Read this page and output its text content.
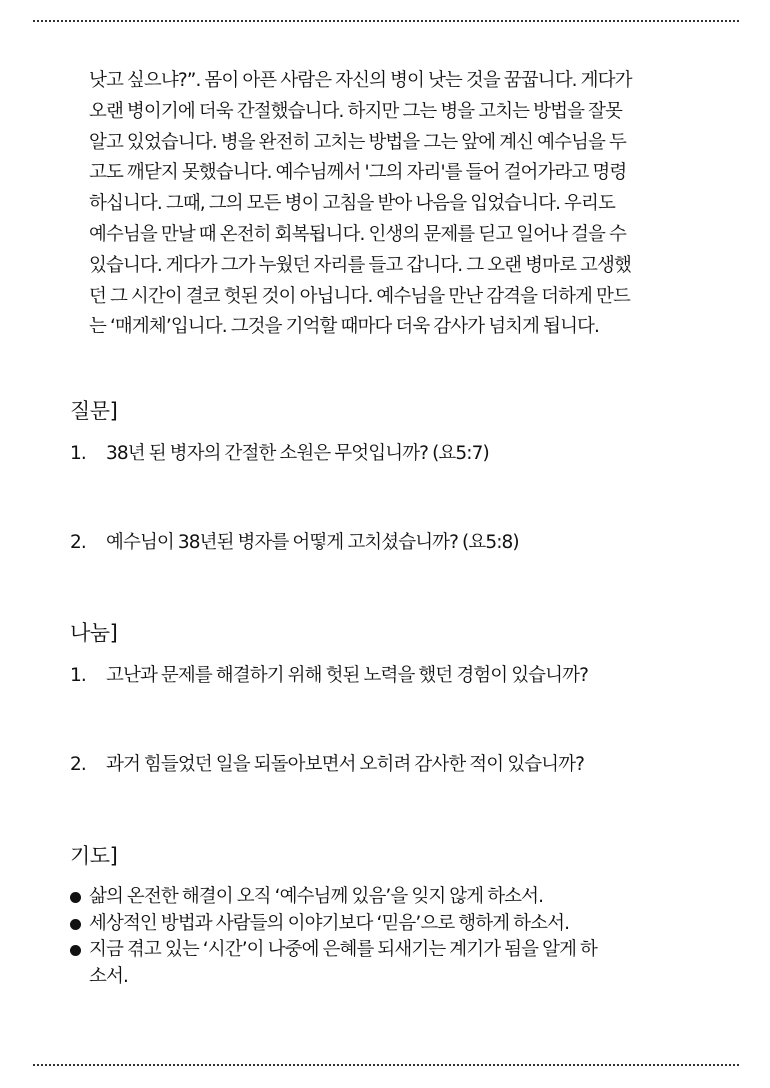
낫고 싶으냐?”. 몸이 아픈 사람은 자신의 병이 낫는 것을 꿈꿉니다. 게다가
오랜 병이기에 더욱 간절했습니다. 하지만 그는 병을 고치는 방법을 잘못
알고 있었습니다. 병을 완전히 고치는 방법을 그는 앞에 계신 예수님을 두
고도 깨닫지 못했습니다. 예수님께서 '그의 자리'를 들어 걸어가라고 명령
하십니다. 그때, 그의 모든 병이 고침을 받아 나음을 입었습니다. 우리도
예수님을 만날 때 온전히 회복됩니다. 인생의 문제를 딛고 일어나 걸을 수
있습니다. 게다가 그가 누웠던 자리를 들고 갑니다. 그 오랜 병마로 고생했
던 그 시간이 결코 헛된 것이 아닙니다. 예수님을 만난 감격을 더하게 만드
는 ‘매게체’입니다. 그것을 기억할 때마다 더욱 감사가 넘치게 됩니다.
질문]
1. 38년 된 병자의 간절한 소원은 무엇입니까? (요5:7)
2. 예수님이 38년된 병자를 어떻게 고치셨습니까? (요5:8)
나눔]
1. 고난과 문제를 해결하기 위해 헛된 노력을 했던 경험이 있습니까?
2. 과거 힘들었던 일을 되돌아보면서 오히려 감사한 적이 있습니까?
기도]
삶의 온전한 해결이 오직 ‘예수님께 있음’을 잊지 않게 하소서.
세상적인 방법과 사람들의 이야기보다 ‘믿음’으로 행하게 하소서.
지금 겪고 있는 ‘시간’이 나중에 은혜를 되새기는 계기가 됨을 알게 하
소서.
